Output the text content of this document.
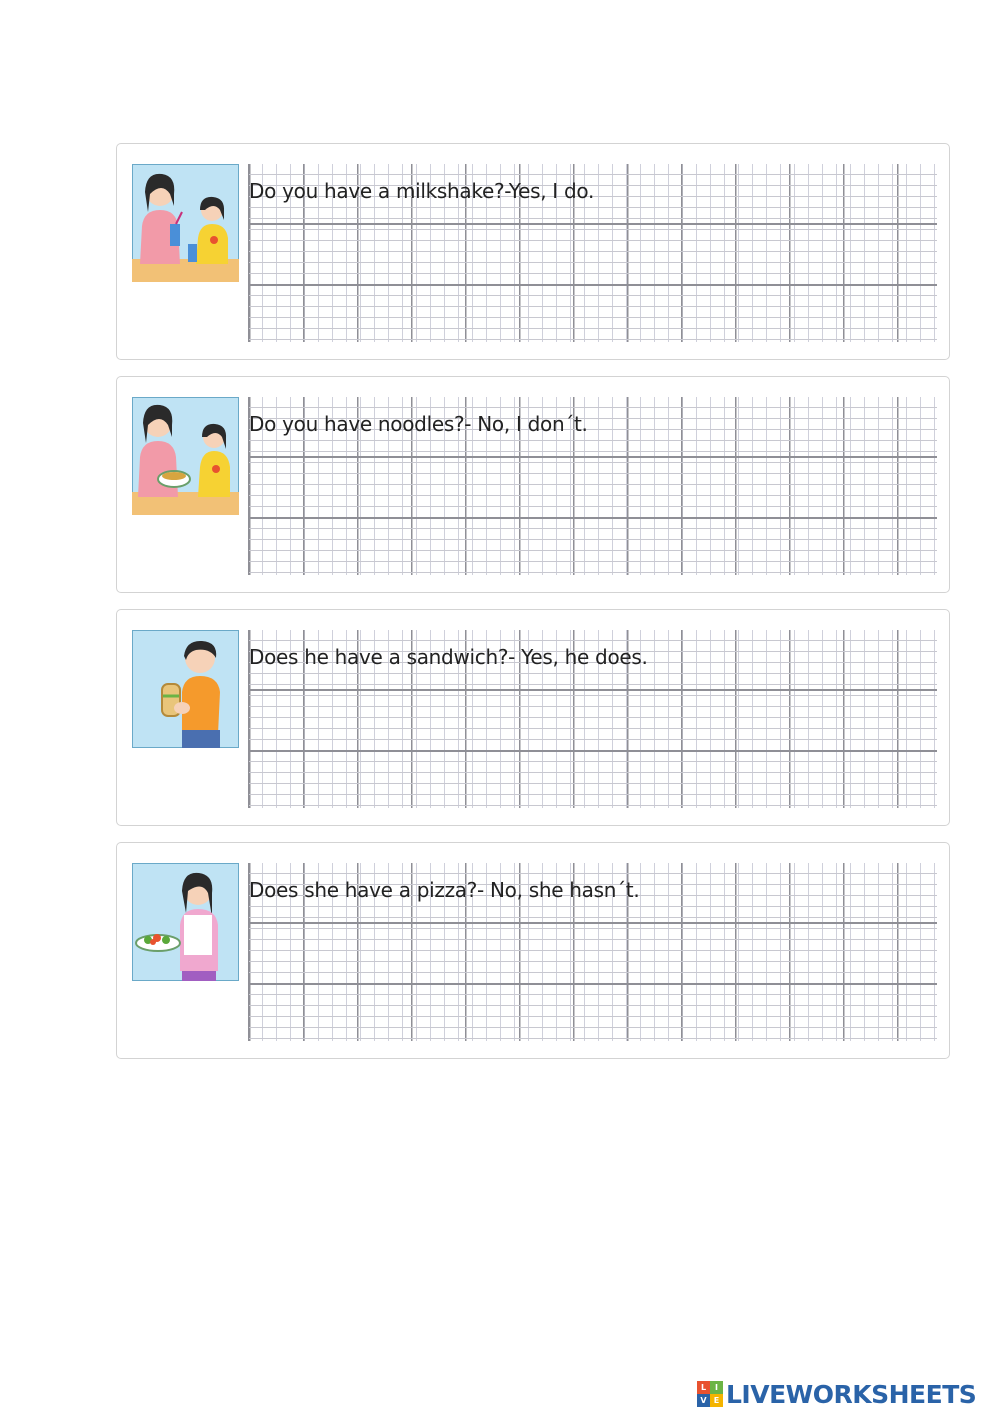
Do you have a milkshake?-Yes, I do.

Do you have noodles?- No, I don´t.

Does he have a sandwich?- Yes, he does.

Does she have a pizza?- No, she hasn´t.

L	I
V E LIVEWORKSHEETS
